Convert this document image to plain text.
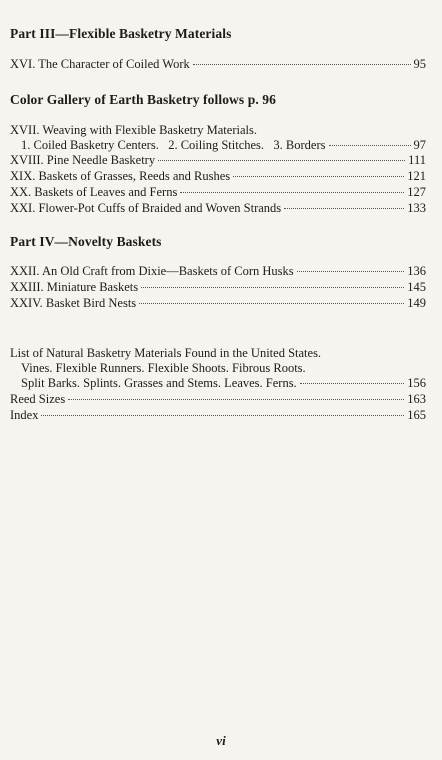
Part III—Flexible Basketry Materials
XVI. The Character of Coiled Work	95
Color Gallery of Earth Basketry follows p. 96
XVII. Weaving with Flexible Basketry Materials.
1. Coiled Basketry Centers.   2. Coiling Stitches.   3. Borders	97
XVIII. Pine Needle Basketry	111
XIX. Baskets of Grasses, Reeds and Rushes	121
XX. Baskets of Leaves and Ferns	127
XXI. Flower-Pot Cuffs of Braided and Woven Strands	133
Part IV—Novelty Baskets
XXII. An Old Craft from Dixie—Baskets of Corn Husks	136
XXIII. Miniature Baskets	145
XXIV. Basket Bird Nests	149
List of Natural Basketry Materials Found in the United States.
Vines. Flexible Runners. Flexible Shoots. Fibrous Roots.
Split Barks. Splints. Grasses and Stems. Leaves. Ferns.	156
Reed Sizes	163
Index	165
vi
